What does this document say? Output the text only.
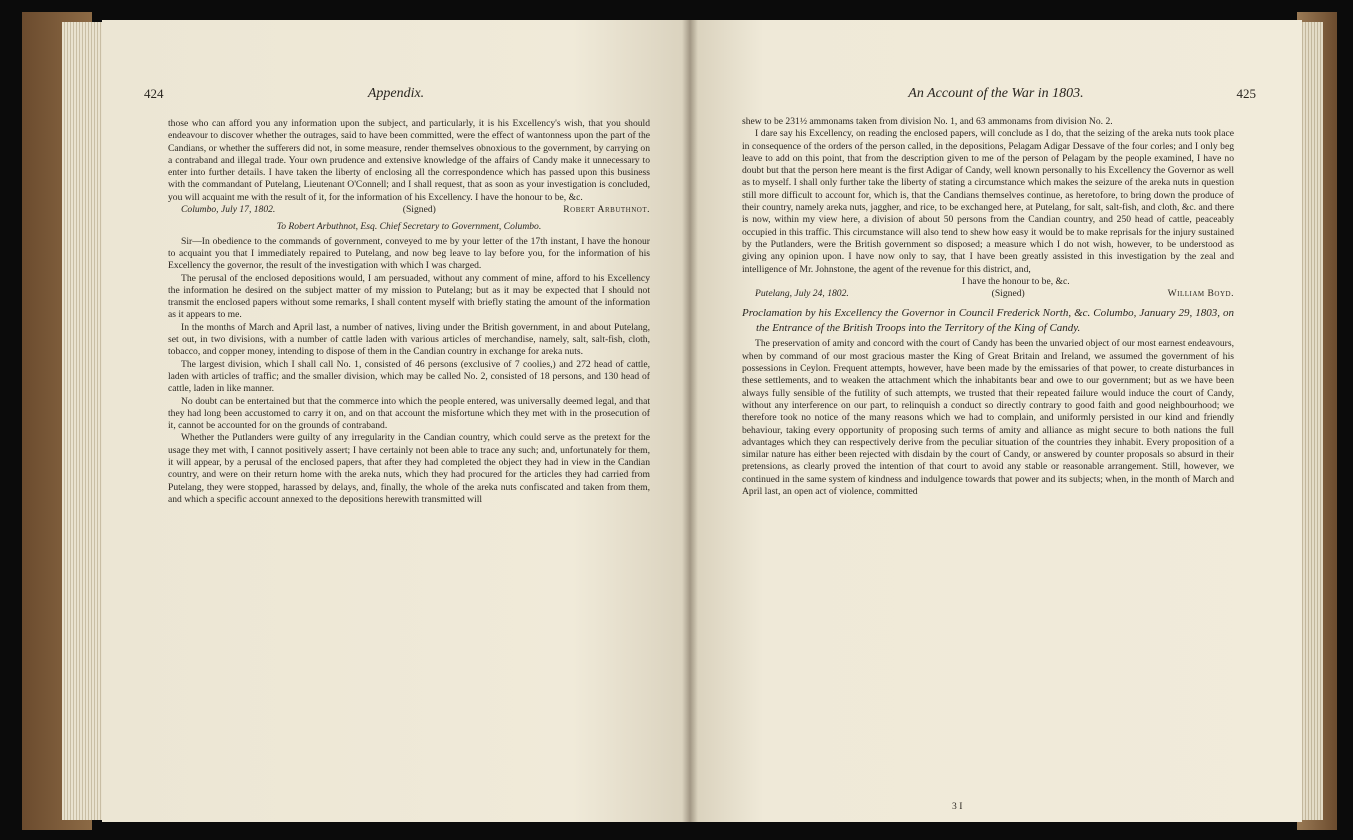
424	Appendix.

those who can afford you any information upon the subject, and particularly, it is his Excellency's wish, that you should endeavour to discover whether the outrages, said to have been committed, were the effect of wantonness upon the part of the Candians, or whether the sufferers did not, in some measure, render themselves obnoxious to the government, by carrying on a contraband and illegal trade. Your own prudence and extensive knowledge of the affairs of Candy make it unnecessary to enter into further details. I have taken the liberty of enclosing all the correspondence which has passed upon this business with the commandant of Putelang, Lieutenant O'Connell; and I shall request, that as soon as your investigation is concluded, you will acquaint me with the result of it, for the information of his Excellency. I have the honour to be, &c.

Columbo, July 17, 1802.	(Signed)	Robert Arbuthnot.

To Robert Arbuthnot, Esq. Chief Secretary to Government, Columbo.

Sir—In obedience to the commands of government, conveyed to me by your letter of the 17th instant, I have the honour to acquaint you that I immediately repaired to Putelang, and now beg leave to lay before you, for the information of his Excellency the governor, the result of the investigation with which I was charged.

The perusal of the enclosed depositions would, I am persuaded, without any comment of mine, afford to his Excellency the information he desired on the subject matter of my mission to Putelang; but as it may be expected that I should not transmit the enclosed papers without some remarks, I shall content myself with briefly stating the amount of the information as it appears to me.

In the months of March and April last, a number of natives, living under the British government, in and about Putelang, set out, in two divisions, with a number of cattle laden with various articles of merchandise, namely, salt, salt-fish, cloth, tobacco, and copper money, intending to dispose of them in the Candian country in exchange for areka nuts.

The largest division, which I shall call No. 1, consisted of 46 persons (exclusive of 7 coolies,) and 272 head of cattle, laden with articles of traffic; and the smaller division, which may be called No. 2, consisted of 18 persons, and 130 head of cattle, laden in like manner.

No doubt can be entertained but that the commerce into which the people entered, was universally deemed legal, and that they had long been accustomed to carry it on, and on that account the misfortune which they met with in the prosecution of it, cannot be accounted for on the grounds of contraband.

Whether the Putlanders were guilty of any irregularity in the Candian country, which could serve as the pretext for the usage they met with, I cannot positively assert; I have certainly not been able to trace any such; and, unfortunately for them, it will appear, by a perusal of the enclosed papers, that after they had completed the object they had in view in the Candian country, and were on their return home with the areka nuts, which they had procured for the articles they had carried from Putelang, they were stopped, harassed by delays, and, finally, the whole of the areka nuts confiscated and taken from them, and which a specific account annexed to the depositions herewith transmitted will

An Account of the War in 1803.	425

shew to be 231½ ammonams taken from division No. 1, and 63 ammonams from division No. 2.

I dare say his Excellency, on reading the enclosed papers, will conclude as I do, that the seizing of the areka nuts took place in consequence of the orders of the person called, in the depositions, Pelagam Adigar Dessave of the four corles; and I only beg leave to add on this point, that from the description given to me of the person of Pelagam by the people examined, I have no doubt but that the person here meant is the first Adigar of Candy, well known personally to his Excellency the Governor as well as to myself. I shall only further take the liberty of stating a circumstance which makes the seizure of the areka nuts in question still more difficult to account for, which is, that the Candians themselves continue, as heretofore, to bring down the produce of their country, namely areka nuts, jaggher, and rice, to be exchanged here, at Putelang, for salt, salt-fish, and cloth, &c. and there is now, within my view here, a division of about 50 persons from the Candian country, and 250 head of cattle, peaceably occupied in this traffic. This circumstance will also tend to shew how easy it would be to make reprisals for the injury sustained by the Putlanders, were the British government so disposed; a measure which I do not wish, however, to be understood as giving any opinion upon. I have now only to say, that I have been greatly assisted in this investigation by the zeal and intelligence of Mr. Johnstone, the agent of the revenue for this district, and,

I have the honour to be, &c.

Putelang, July 24, 1802.	(Signed)	William Boyd.

Proclamation by his Excellency the Governor in Council Frederick North, &c. Columbo, January 29, 1803, on the Entrance of the British Troops into the Territory of the King of Candy.

The preservation of amity and concord with the court of Candy has been the unvaried object of our most earnest endeavours, when by command of our most gracious master the King of Great Britain and Ireland, we assumed the government of his possessions in Ceylon. Frequent attempts, however, have been made by the emissaries of that power, to create disturbances in these settlements, and to weaken the attachment which the inhabitants bear and owe to our government; but as we have been always fully sensible of the futility of such attempts, we trusted that their repeated failure would induce the court of Candy, without any interference on our part, to relinquish a conduct so directly contrary to good faith and good neighbourhood; we therefore took no notice of the many reasons which we had to complain, and uniformly persisted in our kind and friendly behaviour, taking every opportunity of proposing such terms of amity and alliance as might secure to both nations the full advantages which they can respectively derive from the peculiar situation of the countries they inhabit. Every proposition of a similar nature has either been rejected with disdain by the court of Candy, or answered by counter proposals so absurd in their pretensions, as clearly proved the intention of that court to avoid any stable or reasonable arrangement. Still, however, we continued in the same system of kindness and indulgence towards that power and its subjects; when, in the month of March and April last, an open act of violence, committed

3 I
